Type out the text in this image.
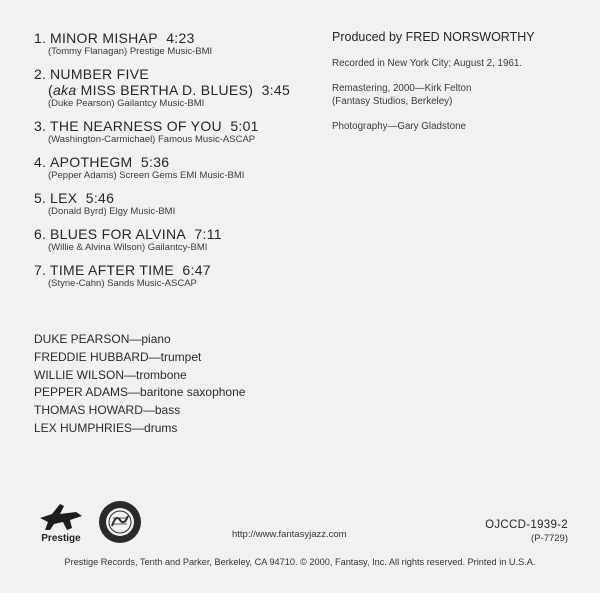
1. MINOR MISHAP 4:23
(Tommy Flanagan) Prestige Music-BMI
2. NUMBER FIVE
(aka MISS BERTHA D. BLUES) 3:45
(Duke Pearson) Gailantcy Music-BMI
3. THE NEARNESS OF YOU 5:01
(Washington-Carmichael) Famous Music-ASCAP
4. APOTHEGM 5:36
(Pepper Adams) Screen Gems EMI Music-BMI
5. LEX 5:46
(Donald Byrd) Elgy Music-BMI
6. BLUES FOR ALVINA 7:11
(Willie & Alvina Wilson) Gailantcy-BMI
7. TIME AFTER TIME 6:47
(Styne-Cahn) Sands Music-ASCAP
Produced by FRED NORSWORTHY
Recorded in New York City; August 2, 1961.
Remastering, 2000—Kirk Felton
(Fantasy Studios, Berkeley)
Photography—Gary Gladstone
DUKE PEARSON—piano
FREDDIE HUBBARD—trumpet
WILLIE WILSON—trombone
PEPPER ADAMS—baritone saxophone
THOMAS HOWARD—bass
LEX HUMPHRIES—drums
Prestige	http://www.fantasyjazz.com
OJCCD-1939-2
(P-7729)
Prestige Records, Tenth and Parker, Berkeley, CA 94710. © 2000, Fantasy, Inc. All rights reserved. Printed in U.S.A.
